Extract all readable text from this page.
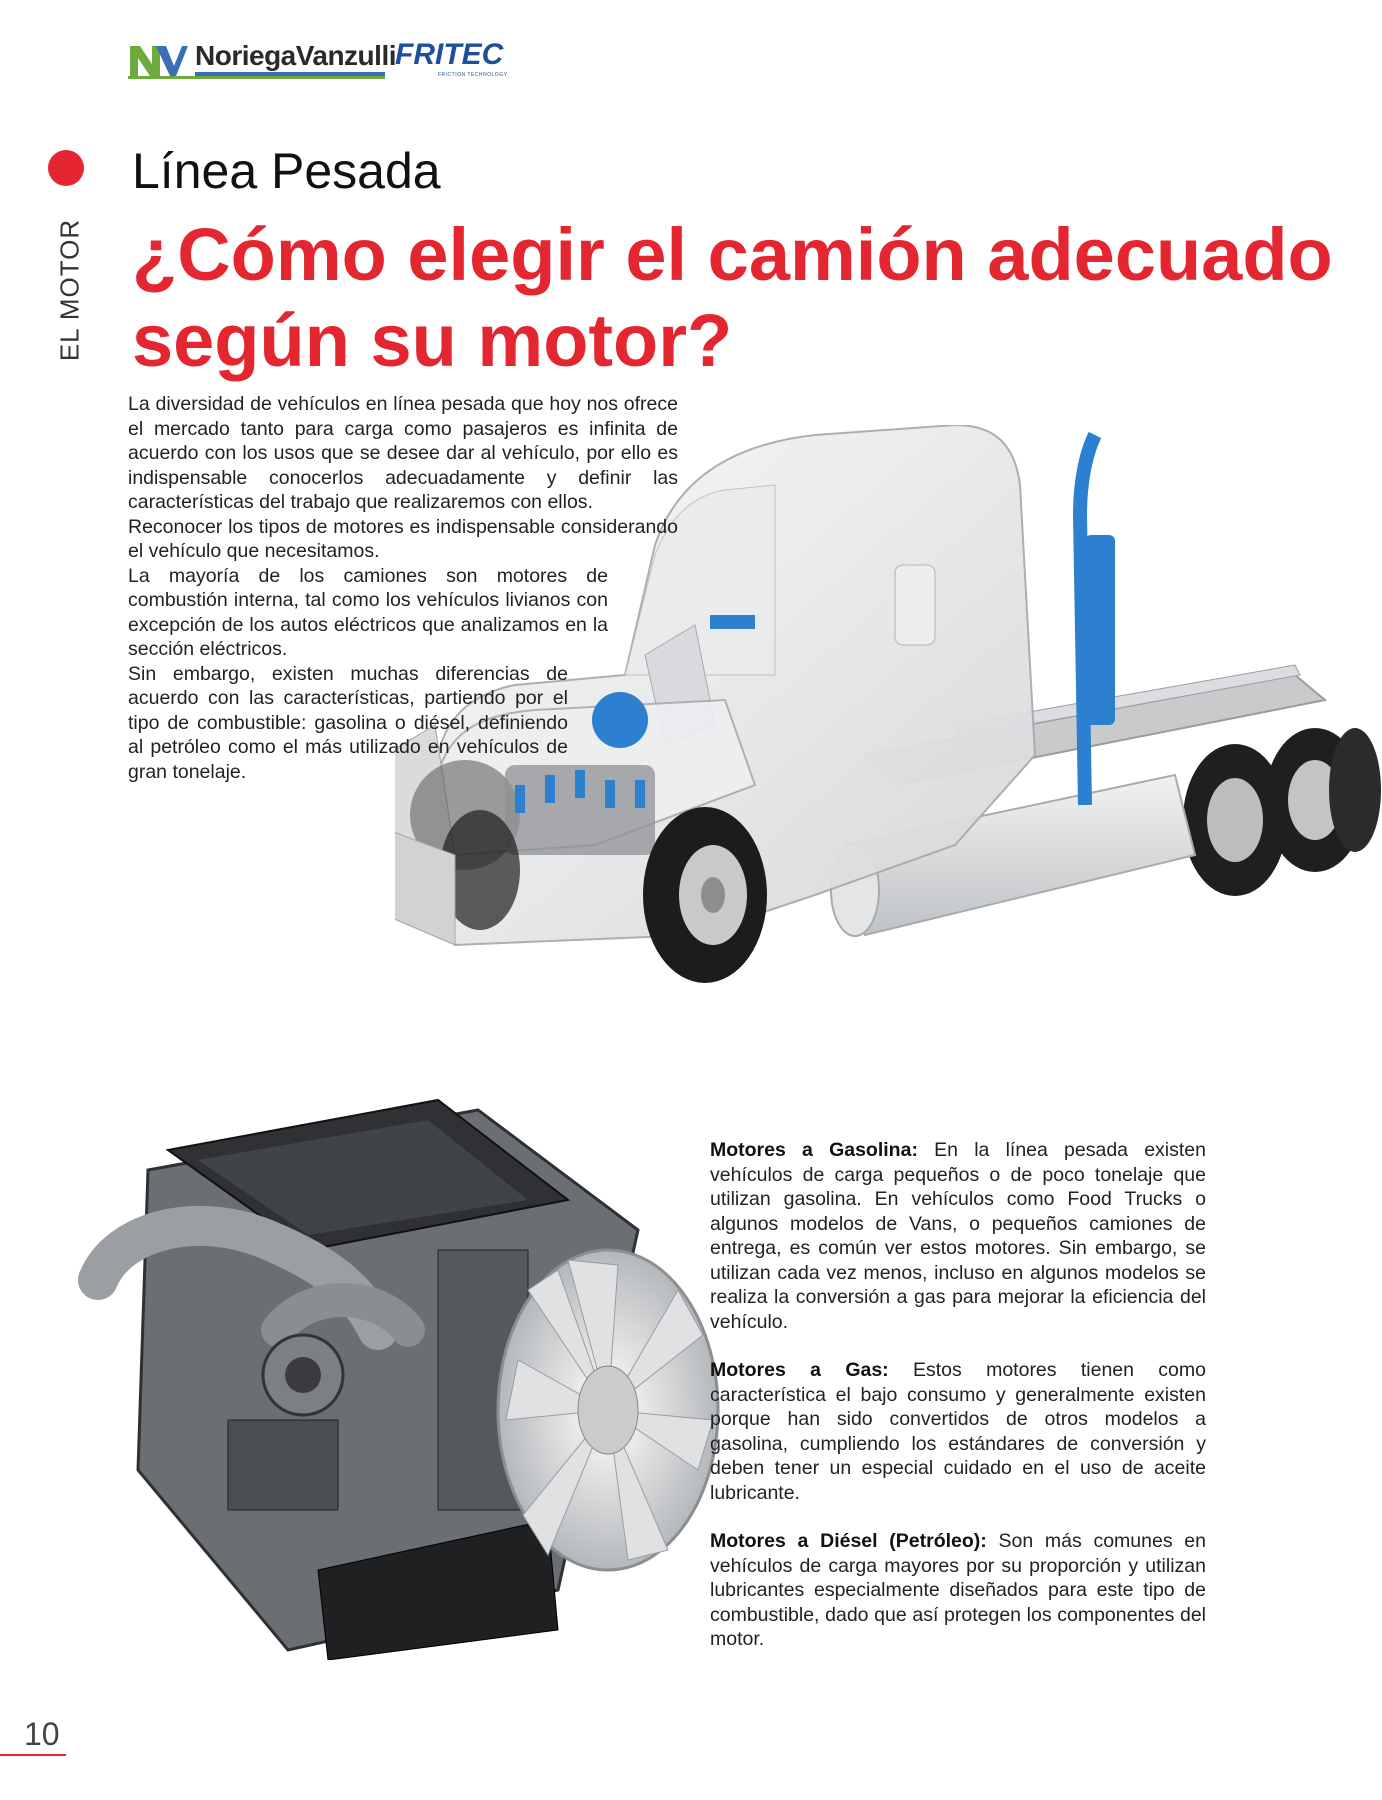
NoriegaVanzulli FRITEC
FRICTION TECHNOLOGY
EL MOTOR
Línea Pesada
¿Cómo elegir el camión adecuado según su motor?

La diversidad de vehículos en línea pesada que hoy nos ofrece el mercado tanto para carga como pasajeros es infinita de acuerdo con los usos que se desee dar al vehículo, por ello es indispensable conocerlos adecuadamente y definir las características del trabajo que realizaremos con ellos.

Reconocer los tipos de motores es indispensable considerando el vehículo que necesitamos.

La mayoría de los camiones son motores de combustión interna, tal como los vehículos livianos con excepción de los autos eléctricos que analizamos en la sección eléctricos.

Sin embargo, existen muchas diferencias de acuerdo con las características, partiendo por el tipo de combustible: gasolina o diésel, definiendo al petróleo como el más utilizado en vehículos de gran tonelaje.

Motores a Gasolina: En la línea pesada existen vehículos de carga pequeños o de poco tonelaje que utilizan gasolina. En vehículos como Food Trucks o algunos modelos de Vans, o pequeños camiones de entrega, es común ver estos motores. Sin embargo, se utilizan cada vez menos, incluso en algunos modelos se realiza la conversión a gas para mejorar la eficiencia del vehículo.

Motores a Gas: Estos motores tienen como característica el bajo consumo y generalmente existen porque han sido convertidos de otros modelos a gasolina, cumpliendo los estándares de conversión y deben tener un especial cuidado en el uso de aceite lubricante.

Motores a Diésel (Petróleo): Son más comunes en vehículos de carga mayores por su proporción y utilizan lubricantes especialmente diseñados para este tipo de combustible, dado que así protegen los componentes del motor.

10
